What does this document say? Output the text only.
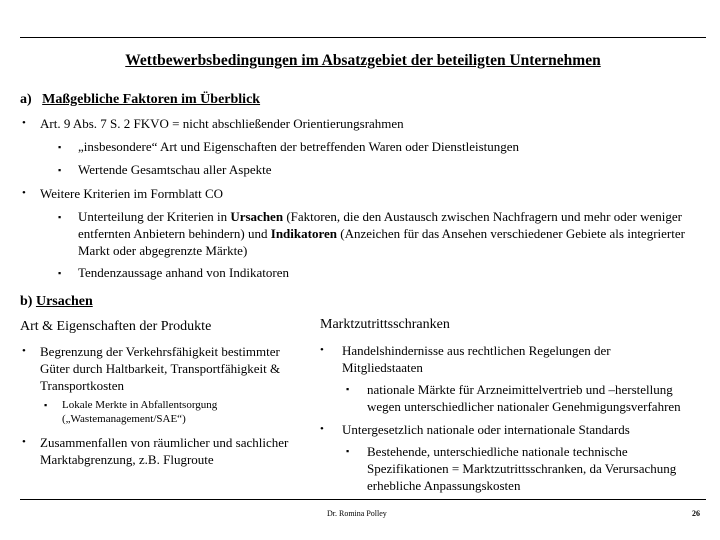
Wettbewerbsbedingungen im Absatzgebiet der beteiligten Unternehmen
a) Maßgebliche Faktoren im Überblick
• Art. 9 Abs. 7 S. 2 FKVO = nicht abschließender Orientierungsrahmen
▪ „insbesondere“ Art und Eigenschaften der betreffenden Waren oder Dienstleistungen
▪ Wertende Gesamtschau aller Aspekte
• Weitere Kriterien im Formblatt CO
▪ Unterteilung der Kriterien in Ursachen (Faktoren, die den Austausch zwischen Nachfragern und mehr oder weniger entfernten Anbietern behindern) und Indikatoren (Anzeichen für das Ansehen verschiedener Gebiete als integrierter Markt oder abgegrenzte Märkte)
▪ Tendenzaussage anhand von Indikatoren
b) Ursachen
Art & Eigenschaften der Produkte
• Begrenzung der Verkehrsfähigkeit bestimmter Güter durch Haltbarkeit, Transportfähigkeit & Transportkosten
▪ Lokale Merkte in Abfallentsorgung
(„Wastemanagement/SAE“)
• Zusammenfallen von räumlicher und sachlicher Marktabgrenzung, z.B. Flugroute
Marktzutrittsschranken
• Handelshindernisse aus rechtlichen Regelungen der Mitgliedstaaten
▪ nationale Märkte für Arzneimittelvertrieb und –herstellung wegen unterschiedlicher nationaler Genehmigungsverfahren
• Untergesetzlich nationale oder internationale Standards
▪ Bestehende, unterschiedliche nationale technische Spezifikationen = Marktzutrittsschranken, da Verursachung erhebliche Anpassungskosten
Dr. Romina Polley	26
